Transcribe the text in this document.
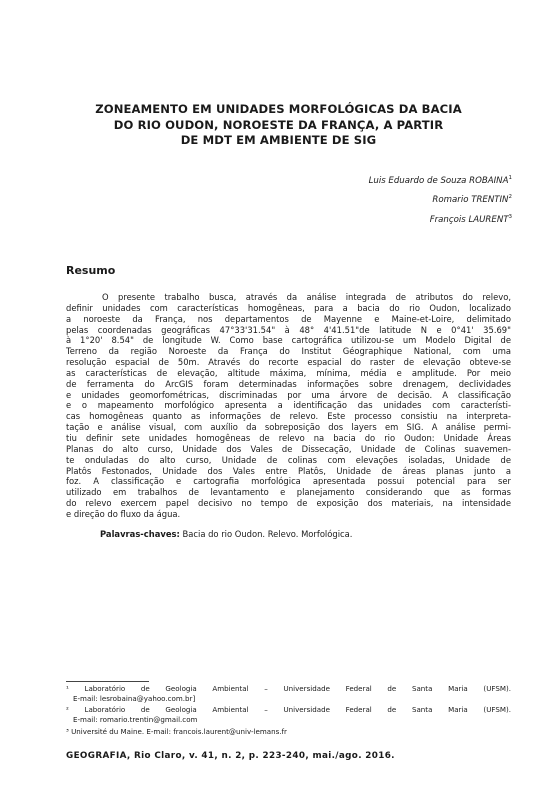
ZONEAMENTO EM UNIDADES MORFOLÓGICAS DA BACIA
DO RIO OUDON, NOROESTE DA FRANÇA, A PARTIR
DE MDT EM AMBIENTE DE SIG
Luis Eduardo de Souza ROBAINA$^1$
Romario TRENTIN$^2$
François LAURENT$^3$
Resumo

O presente trabalho busca, através da análise integrada de atributos do relevo,
definir unidades com características homogêneas, para a bacia do rio Oudon, localizado
a noroeste da França, nos departamentos de Mayenne e Maine-et-Loire, delimitado
pelas coordenadas geográficas 47°33'31.54" à 48° 4'41.51"de latitude N e 0°41' 35.69"
à 1°20' 8.54" de longitude W. Como base cartográfica utilizou-se um Modelo Digital de
Terreno da região Noroeste da França do Institut Géographique National, com uma
resolução espacial de 50m. Através do recorte espacial do raster de elevação obteve-se
as características de elevação, altitude máxima, mínima, média e amplitude. Por meio
de ferramenta do ArcGIS foram determinadas informações sobre drenagem, declividades
e unidades geomorfométricas, discriminadas por uma árvore de decisão. A classificação
e o mapeamento morfológico apresenta a identificação das unidades com característi-
cas homogêneas quanto as informações de relevo. Este processo consistiu na interpreta-
tação e análise visual, com auxílio da sobreposição dos layers em SIG. A análise permi-
tiu definir sete unidades homogêneas de relevo na bacia do rio Oudon: Unidade Áreas
Planas do alto curso, Unidade dos Vales de Dissecação, Unidade de Colinas suavemen-
te onduladas do alto curso, Unidade de colinas com elevações isoladas, Unidade de
Platôs Festonados, Unidade dos Vales entre Platôs, Unidade de áreas planas junto a
foz. A classificação e cartografia morfológica apresentada possui potencial para ser
utilizado em trabalhos de levantamento e planejamento considerando que as formas
do relevo exercem papel decisivo no tempo de exposição dos materiais, na intensidade
e direção do fluxo da água.

Palavras-chaves: Bacia do rio Oudon. Relevo. Morfológica.
¹ Laboratório de Geologia Ambiental – Universidade Federal de Santa Maria (UFSM).
E-mail: lesrobaina@yahoo.com.br]
² Laboratório de Geologia Ambiental – Universidade Federal de Santa Maria (UFSM).
E-mail: romario.trentin@gmail.com
³ Université du Maine. E-mail: francois.laurent@univ-lemans.fr
GEOGRAFIA, Rio Claro, v. 41, n. 2, p. 223-240, mai./ago. 2016.
